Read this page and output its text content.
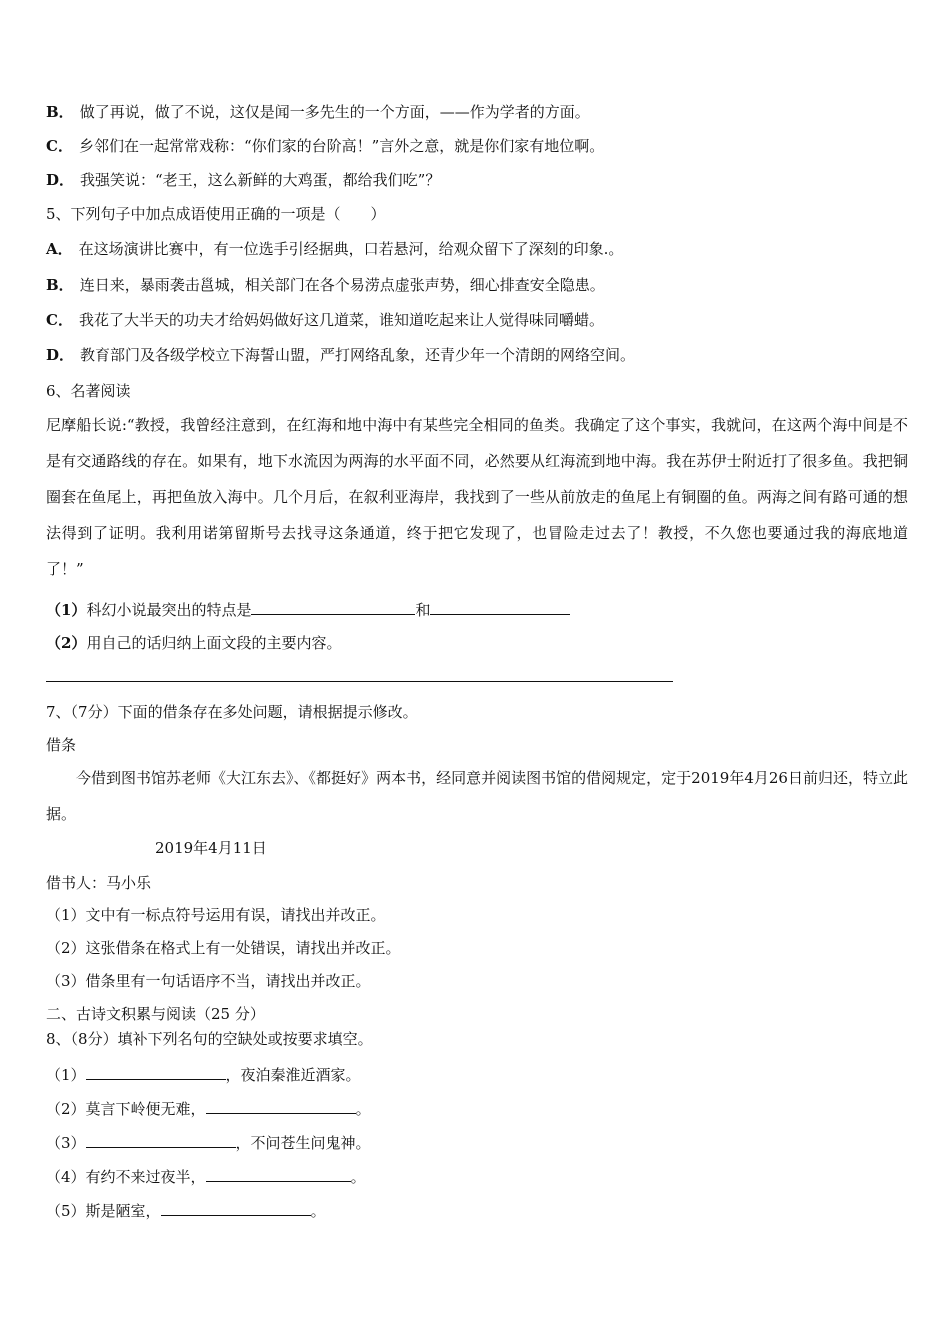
B． 做了再说，做了不说，这仅是闻一多先生的一个方面，——作为学者的方面。
C． 乡邻们在一起常常戏称：“你们家的台阶高！”言外之意，就是你们家有地位啊。
D． 我强笑说：“老王，这么新鲜的大鸡蛋，都给我们吃”？
5、下列句子中加点成语使用正确的一项是（　　）
A． 在这场演讲比赛中，有一位选手引经据典，口若悬河，给观众留下了深刻的印象.。
B． 连日来，暴雨袭击邕城，相关部门在各个易涝点虚张声势，细心排查安全隐患。
C． 我花了大半天的功夫才给妈妈做好这几道菜，谁知道吃起来让人觉得味同嚼蜡。
D． 教育部门及各级学校立下海誓山盟，严打网络乱象，还青少年一个清朗的网络空间。
6、名著阅读
尼摩船长说:“教授，我曾经注意到，在红海和地中海中有某些完全相同的鱼类。我确定了这个事实，我就问，在这两个海中间是不是有交通路线的存在。如果有，地下水流因为两海的水平面不同，必然要从红海流到地中海。我在苏伊士附近打了很多鱼。我把铜圈套在鱼尾上，再把鱼放入海中。几个月后，在叙利亚海岸，我找到了一些从前放走的鱼尾上有铜圈的鱼。两海之间有路可通的想法得到了证明。我利用诺第留斯号去找寻这条通道，终于把它发现了，也冒险走过去了！教授，不久您也要通过我的海底地道了！”
（1）科幻小说最突出的特点是	和
（2）用自己的话归纳上面文段的主要内容。
7、（7分）下面的借条存在多处问题，请根据提示修改。
借条
今借到图书馆苏老师《大江东去》、《都挺好》两本书，经同意并阅读图书馆的借阅规定，定于2019年4月26日前归还，特立此据。
2019年4月11日
借书人：马小乐
（1）文中有一标点符号运用有误，请找出并改正。
（2）这张借条在格式上有一处错误，请找出并改正。
（3）借条里有一句话语序不当，请找出并改正。
二、古诗文积累与阅读（25 分）
8、（8分）填补下列名句的空缺处或按要求填空。
（1）	，夜泊秦淮近酒家。
（2）莫言下岭便无难，	。
（3）	，不问苍生问鬼神。
（4）有约不来过夜半，	。
（5）斯是陋室，	。
